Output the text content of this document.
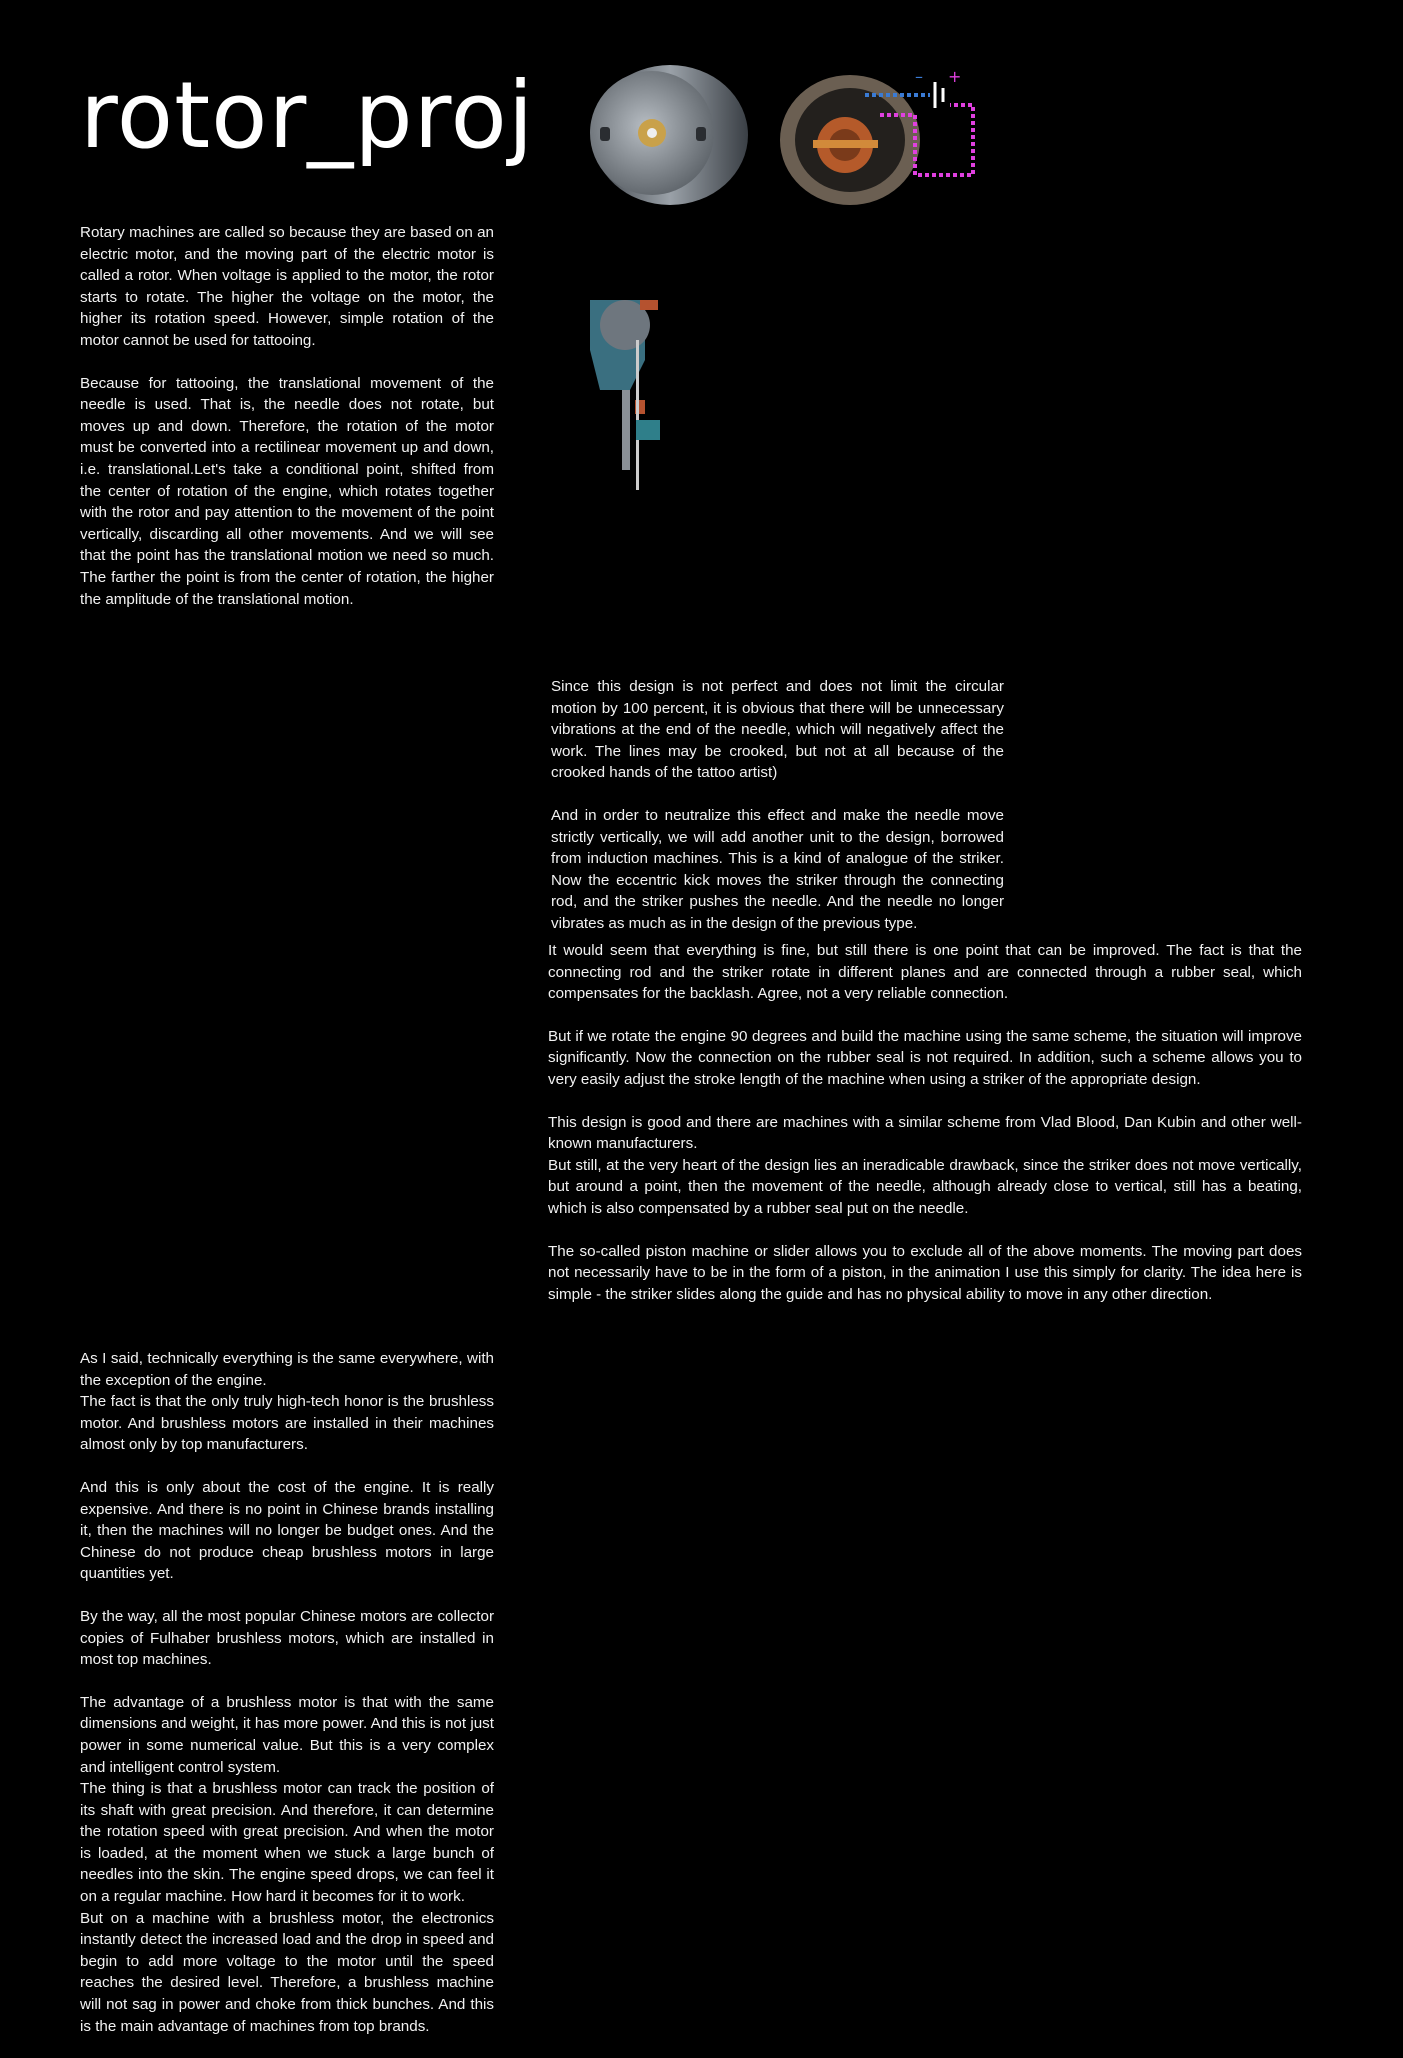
rotor_proj

Rotary machines are called so because they are based on an electric motor, and the moving part of the electric motor is called a rotor. When voltage is applied to the motor, the rotor starts to rotate. The higher the voltage on the motor, the higher its rotation speed. However, simple rotation of the motor cannot be used for tattooing.

Because for tattooing, the translational movement of the needle is used. That is, the needle does not rotate, but moves up and down. Therefore, the rotation of the motor must be converted into a rectilinear movement up and down, i.e. translational.Let's take a conditional point, shifted from the center of rotation of the engine, which rotates together with the rotor and pay attention to the movement of the point vertically, discarding all other movements. And we will see that the point has the translational motion we need so much. The farther the point is from the center of rotation, the higher the amplitude of the translational motion.

Since this design is not perfect and does not limit the circular motion by 100 percent, it is obvious that there will be unnecessary vibrations at the end of the needle, which will negatively affect the work. The lines may be crooked, but not at all because of the crooked hands of the tattoo artist)

And in order to neutralize this effect and make the needle move strictly vertically, we will add another unit to the design, borrowed from induction machines. This is a kind of analogue of the striker. Now the eccentric kick moves the striker through the connecting rod, and the striker pushes the needle. And the needle no longer vibrates as much as in the design of the previous type.

It would seem that everything is fine, but still there is one point that can be improved. The fact is that the connecting rod and the striker rotate in different planes and are connected through a rubber seal, which compensates for the backlash. Agree, not a very reliable connection.

But if we rotate the engine 90 degrees and build the machine using the same scheme, the situation will improve significantly. Now the connection on the rubber seal is not required. In addition, such a scheme allows you to very easily adjust the stroke length of the machine when using a striker of the appropriate design.

This design is good and there are machines with a similar scheme from Vlad Blood, Dan Kubin and other well-known manufacturers.

But still, at the very heart of the design lies an ineradicable drawback, since the striker does not move vertically, but around a point, then the movement of the needle, although already close to vertical, still has a beating, which is also compensated by a rubber seal put on the needle.

The so-called piston machine or slider allows you to exclude all of the above moments. The moving part does not necessarily have to be in the form of a piston, in the animation I use this simply for clarity. The idea here is simple - the striker slides along the guide and has no physical ability to move in any other direction.

As I said, technically everything is the same everywhere, with the exception of the engine.

The fact is that the only truly high-tech honor is the brushless motor. And brushless motors are installed in their machines almost only by top manufacturers.

And this is only about the cost of the engine. It is really expensive. And there is no point in Chinese brands installing it, then the machines will no longer be budget ones. And the Chinese do not produce cheap brushless motors in large quantities yet.

By the way, all the most popular Chinese motors are collector copies of Fulhaber brushless motors, which are installed in most top machines.

The advantage of a brushless motor is that with the same dimensions and weight, it has more power. And this is not just power in some numerical value. But this is a very complex and intelligent control system.

The thing is that a brushless motor can track the position of its shaft with great precision. And therefore, it can determine the rotation speed with great precision. And when the motor is loaded, at the moment when we stuck a large bunch of needles into the skin. The engine speed drops, we can feel it on a regular machine. How hard it becomes for it to work.

But on a machine with a brushless motor, the electronics instantly detect the increased load and the drop in speed and begin to add more voltage to the motor until the speed reaches the desired level. Therefore, a brushless machine will not sag in power and choke from thick bunches. And this is the main advantage of machines from top brands.

– +
